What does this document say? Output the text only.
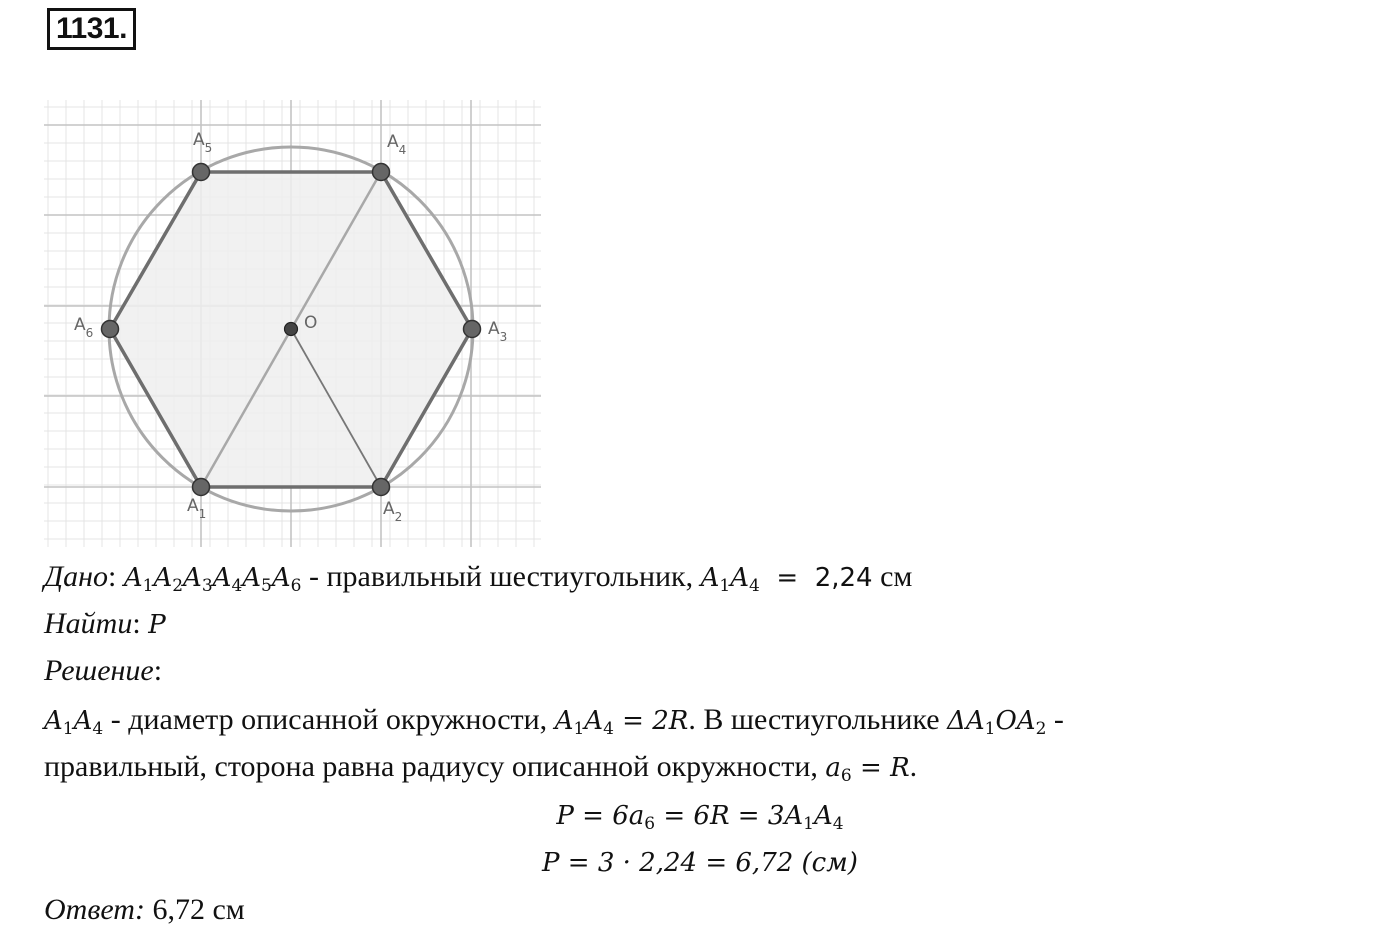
1131.
O
$A_1$	$A_2$
$A_3$
$A_4$
$A_5$
$A_6$
Дано: $A_1A_2A_3A_4A_5A_6$ - правильный шестиугольник, $A_1A_4 = 2,24$ см
Найти: P
Решение:
$A_1A_4$ - диаметр описанной окружности, $A_1A_4 = 2R$. В шестиугольнике $\Delta A_1OA_2$ -
правильный, сторона равна радиусу описанной окружности, $a_6 = R$.
$P = 6a_6 = 6R = 3A_1A_4$
P = 3 · 2,24 = 6,72 (см)
Ответ: 6,72 см
